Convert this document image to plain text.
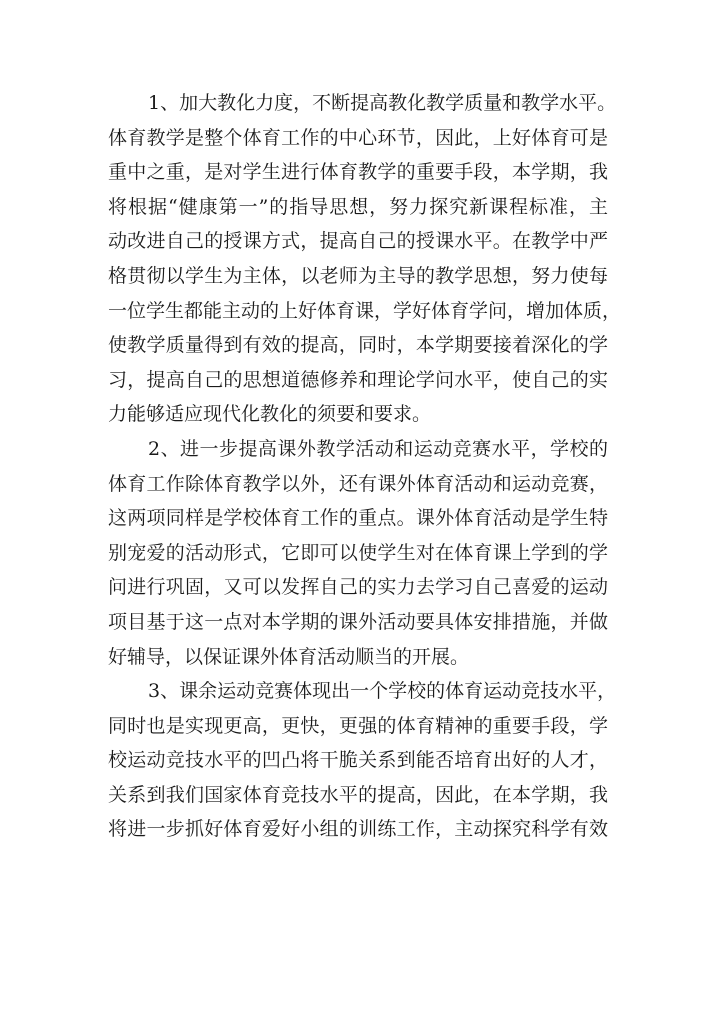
1、加大教化力度，不断提高教化教学质量和教学水平。
体育教学是整个体育工作的中心环节，因此，上好体育可是
重中之重，是对学生进行体育教学的重要手段，本学期，我
将根据“健康第一”的指导思想，努力探究新课程标准，主
动改进自己的授课方式，提高自己的授课水平。在教学中严
格贯彻以学生为主体，以老师为主导的教学思想，努力使每
一位学生都能主动的上好体育课，学好体育学问，增加体质，
使教学质量得到有效的提高，同时，本学期要接着深化的学
习，提高自己的思想道德修养和理论学问水平，使自己的实
力能够适应现代化教化的须要和要求。
2、进一步提高课外教学活动和运动竞赛水平，学校的
体育工作除体育教学以外，还有课外体育活动和运动竞赛，
这两项同样是学校体育工作的重点。课外体育活动是学生特
别宠爱的活动形式，它即可以使学生对在体育课上学到的学
问进行巩固，又可以发挥自己的实力去学习自己喜爱的运动
项目基于这一点对本学期的课外活动要具体安排措施，并做
好辅导，以保证课外体育活动顺当的开展。
3、课余运动竞赛体现出一个学校的体育运动竞技水平，
同时也是实现更高，更快，更强的体育精神的重要手段，学
校运动竞技水平的凹凸将干脆关系到能否培育出好的人才，
关系到我们国家体育竞技水平的提高，因此，在本学期，我
将进一步抓好体育爱好小组的训练工作，主动探究科学有效
